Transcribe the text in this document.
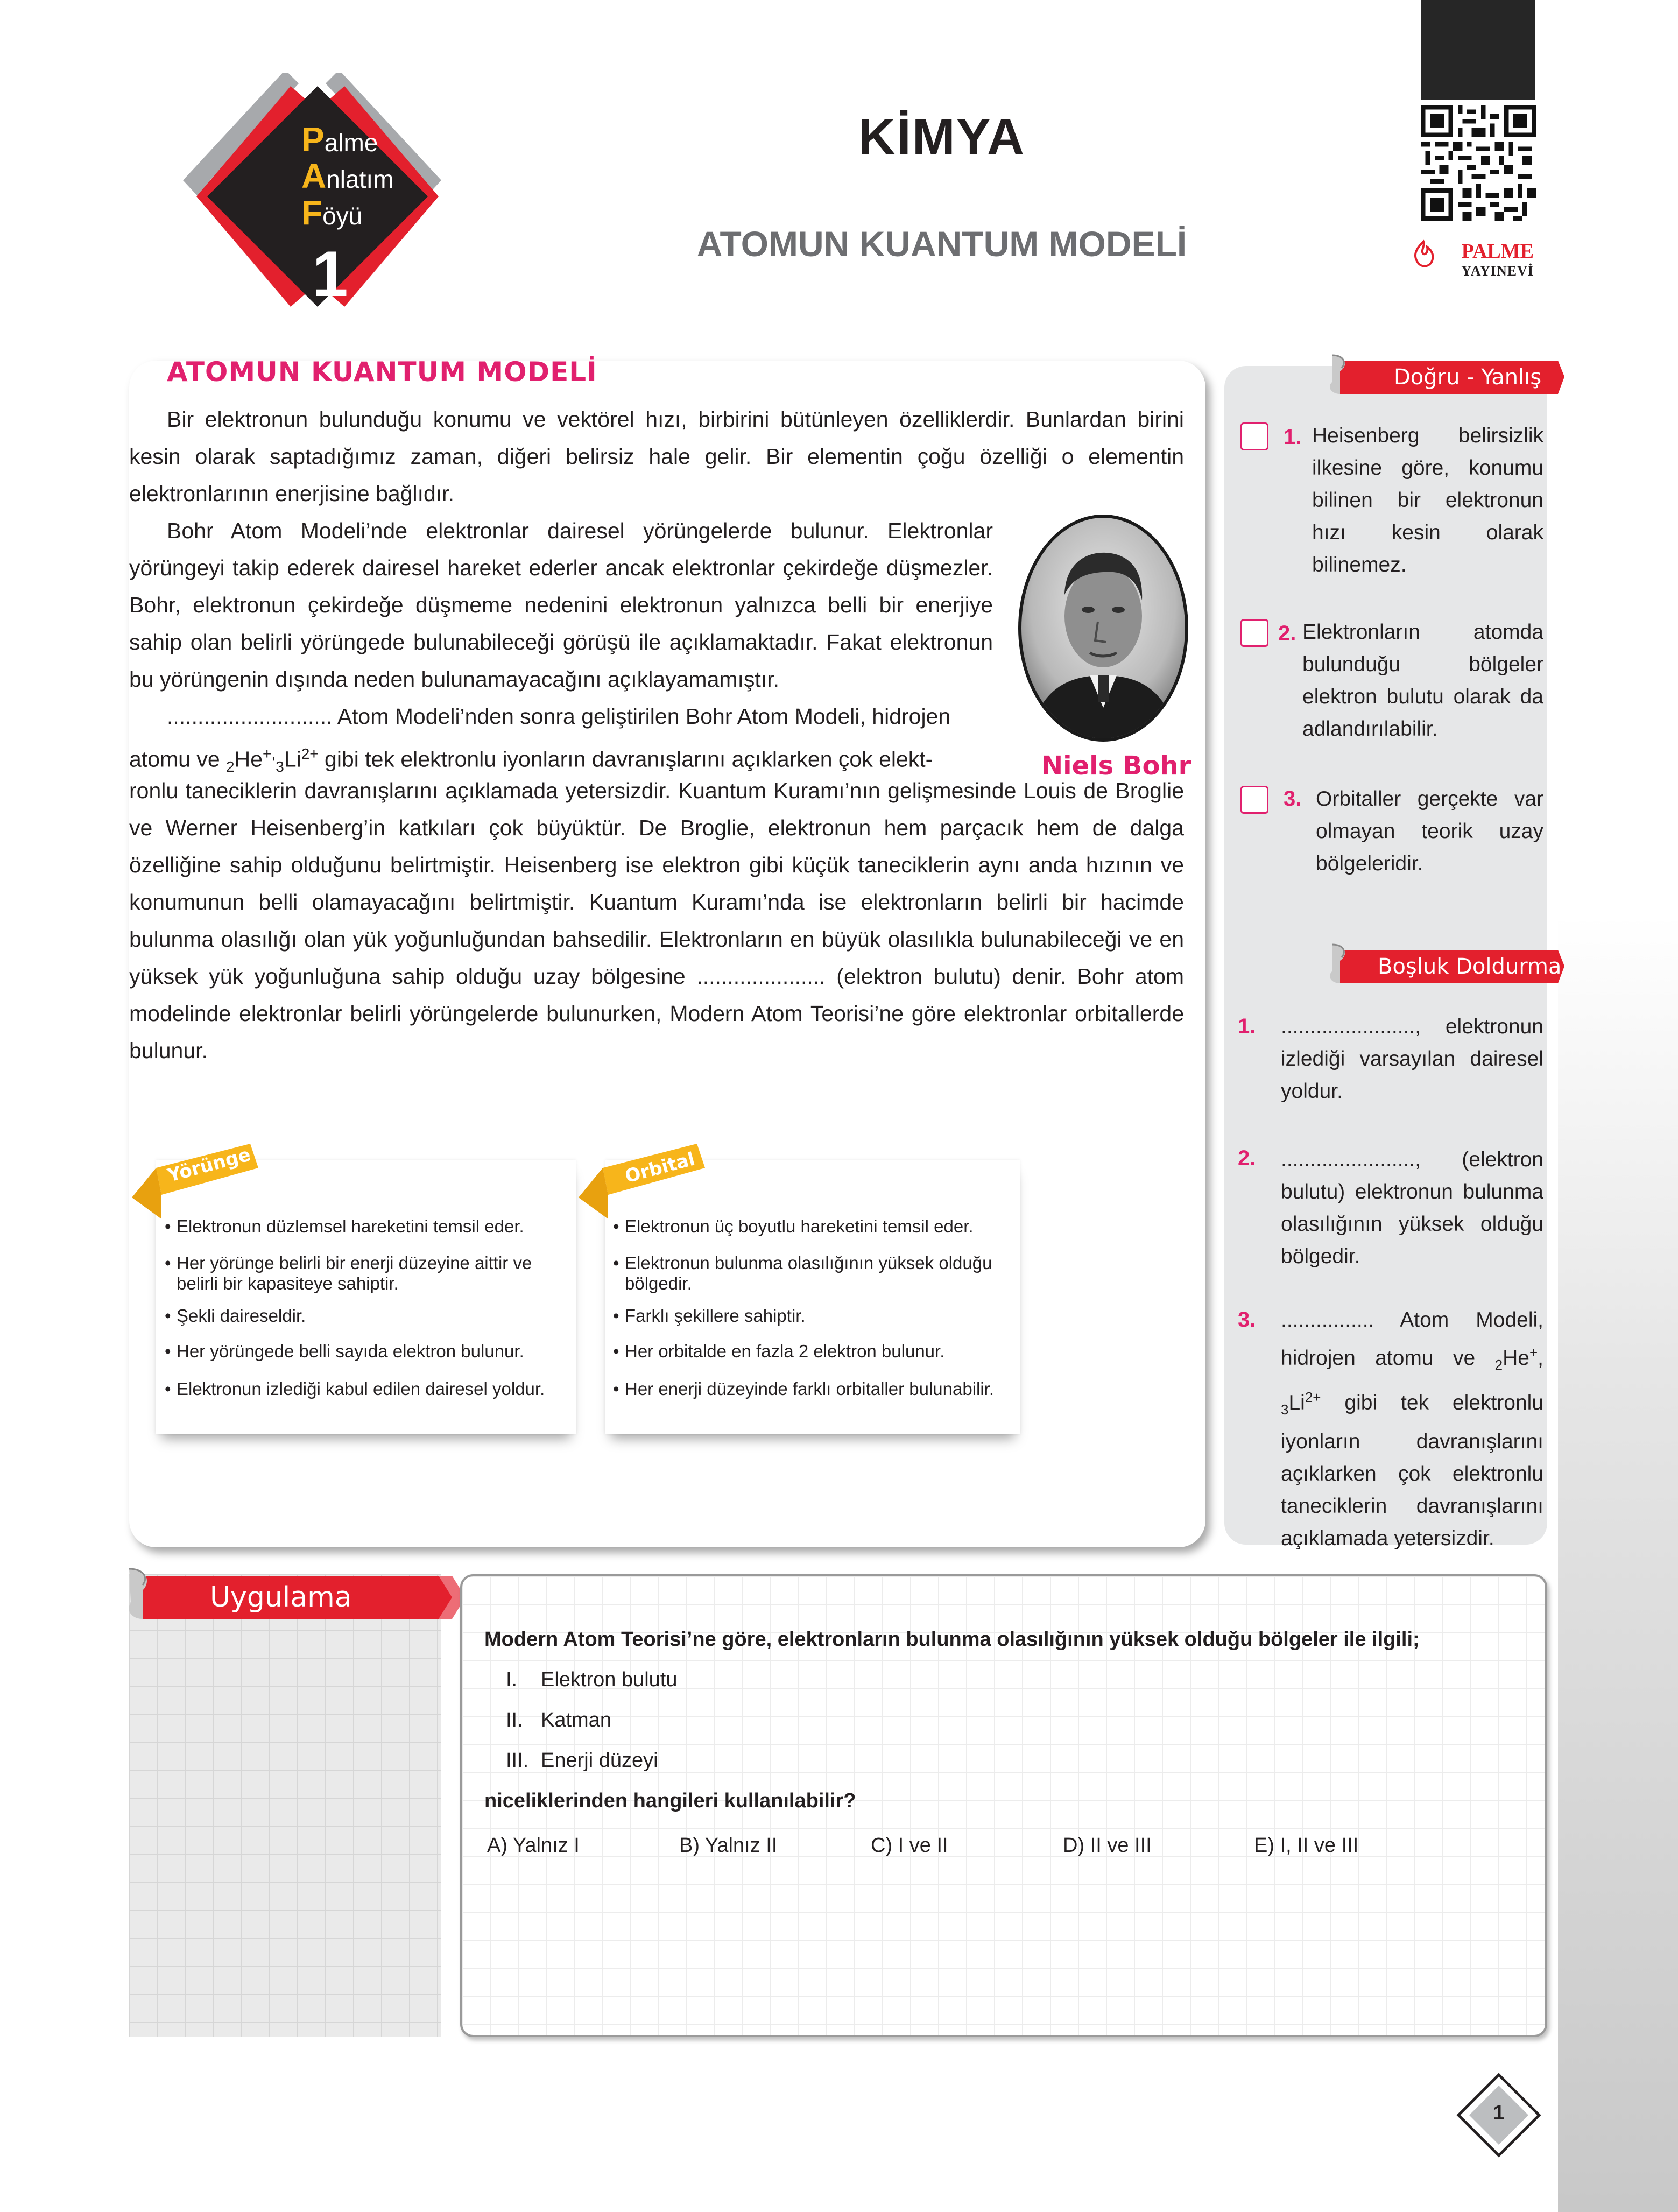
Palme
Anlatım
Föyü
1
KİMYA
ATOMUN KUANTUM MODELİ	PALME
YAYINEVİ
ATOMUN KUANTUM MODELİ
Bir elektronun bulunduğu konumu ve vektörel hızı, birbirini bütünleyen özelliklerdir. Bunlardan birini kesin olarak saptadığımız zaman, diğeri belirsiz hale gelir. Bir elementin çoğu özelliği o elementin elektronlarının enerjisine bağlıdır.
Bohr Atom Modeli’nde elektronlar dairesel yörüngelerde bulunur. Elektronlar yörüngeyi takip ederek dairesel hareket ederler ancak elektronlar çekirdeğe düşmezler. Bohr, elektronun çekirdeğe düşmeme nedenini elektronun yalnızca belli bir enerjiye sahip olan belirli yörüngede bulunabileceği görüşü ile açıklamaktadır. Fakat elektronun bu yörüngenin dışında neden bulunamayacağını açıklayamamıştır.
........................... Atom Modeli’nden sonra geliştirilen Bohr Atom Modeli, hidrojen
atomu ve $_2He^{+,}_3Li^{2+}$ gibi tek elektronlu iyonların davranışlarını açıklarken çok elekt-
ronlu taneciklerin davranışlarını açıklamada yetersizdir. Kuantum Kuramı’nın gelişmesinde Louis de Broglie ve Werner Heisenberg’in katkıları çok büyüktür. De Broglie, elektronun hem parçacık hem de dalga özelliğine sahip olduğunu belirtmiştir. Heisenberg ise elektron gibi küçük taneciklerin aynı anda hızının ve konumunun belli olamayacağını belirtmiştir. Kuantum Kuramı’nda ise elektronların belirli bir hacimde bulunma olasılığı olan yük yoğunluğundan bahsedilir. Elektronların en büyük olasılıkla bulunabileceği ve en yüksek yük yoğunluğuna sahip olduğu uzay bölgesine ..................... (elektron bulutu) denir. Bohr atom modelinde elektronlar belirli yörüngelerde bulunurken, Modern Atom Teorisi’ne göre elektronlar orbitallerde bulunur.
Niels Bohr
• Elektronun düzlemsel hareketini temsil eder.
• Her yörünge belirli bir enerji düzeyine aittir ve belirli bir kapasiteye sahiptir.
• Şekli daireseldir.
• Her yörüngede belli sayıda elektron bulunur.
• Elektronun izlediği kabul edilen dairesel yoldur.
Yörünge
• Elektronun üç boyutlu hareketini temsil eder.
• Elektronun bulunma olasılığının yüksek olduğu bölgedir.
• Farklı şekillere sahiptir.
• Her orbitalde en fazla 2 elektron bulunur.
• Her enerji düzeyinde farklı orbitaller bulunabilir.
Orbital
Doğru - Yanlış
1. Heisenberg belirsizlik ilkesine göre, konumu bilinen bir elektronun hızı kesin olarak bilinemez.
2. Elektronların atomda bulunduğu bölgeler elektron bulutu olarak da adlandırılabilir.
3. Orbitaller gerçekte var olmayan teorik uzay bölgeleridir.
Boşluk Doldurma
1. ......................., elektronun izlediği varsayılan dairesel yoldur.
2. ......................., (elektron bulutu) elektronun bulunma olasılığının yüksek olduğu bölgedir.
3. ................ Atom Modeli, hidrojen atomu ve $_2$He+, $_3Li^{2+}$ gibi tek elektronlu iyonların davranışlarını açıklarken çok elektronlu taneciklerin davranışlarını açıklamada yetersizdir.
Uygulama
Modern Atom Teorisi’ne göre, elektronların bulunma olasılığının yüksek olduğu bölgeler ile ilgili;
I. Elektron bulutu
II. Katman
III. Enerji düzeyi
niceliklerinden hangileri kullanılabilir?
A) Yalnız I	B) Yalnız II	C) I ve II	D) II ve III	E) I, II ve III
1
